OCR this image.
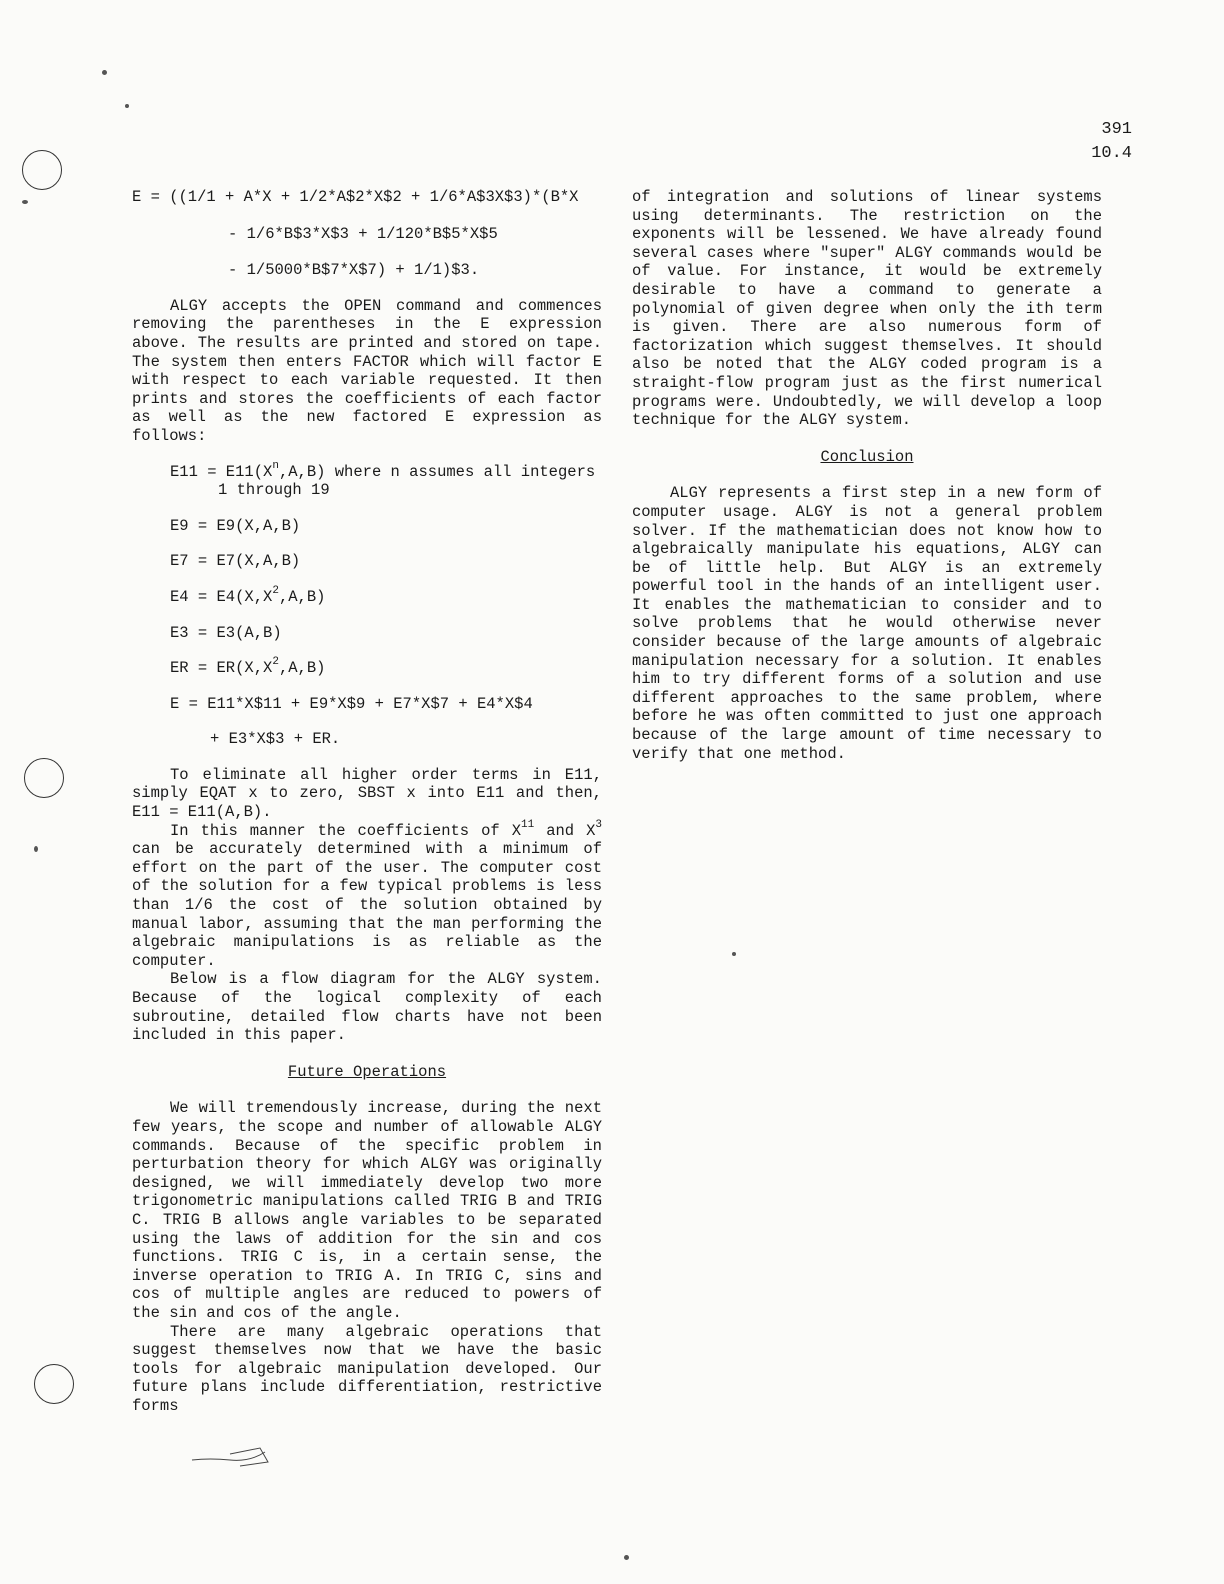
391
10.4
E = ((1/1 + A*X + 1/2*A$2*X$2 + 1/6*A$3X$3)*(B*X
- 1/6*B$3*X$3 + 1/120*B$5*X$5
- 1/5000*B$7*X$7) + 1/1)$3.

ALGY accepts the OPEN command and commences removing the parentheses in the E expression above. The results are printed and stored on tape. The system then enters FACTOR which will factor E with respect to each variable requested. It then prints and stores the coefficients of each factor as well as the new factored E expression as follows:

$E11 = E11(X^n,A,B)$ where n assumes all integers 1 through 19
E9 = E9(X,A,B)
E7 = E7(X,A,B)
$E4 = E4(X,X^2,A,B)$
E3 = E3(A,B)
ER = $ER(X,X^2,A,B)$
E = E11*X$11 + E9*X$9 + E7*X$7 + E4*X$4
+ E3*X$3 + ER.

To eliminate all higher order terms in E11, simply EQAT x to zero, SBST x into E11 and then, E11 = E11(A,B).

In this manner the coefficients of $X^{11}$ and $X^3$ can be accurately determined with a minimum of effort on the part of the user. The computer cost of the solution for a few typical problems is less than 1/6 the cost of the solution obtained by manual labor, assuming that the man performing the algebraic manipulations is as reliable as the computer.

Below is a flow diagram for the ALGY system. Because of the logical complexity of each subroutine, detailed flow charts have not been included in this paper.

Future Operations

We will tremendously increase, during the next few years, the scope and number of allowable ALGY commands. Because of the specific problem in perturbation theory for which ALGY was originally designed, we will immediately develop two more trigonometric manipulations called TRIG B and TRIG C. TRIG B allows angle variables to be separated using the laws of addition for the sin and cos functions. TRIG C is, in a certain sense, the inverse operation to TRIG A. In TRIG C, sins and cos of multiple angles are reduced to powers of the sin and cos of the angle.

There are many algebraic operations that suggest themselves now that we have the basic tools for algebraic manipulation developed. Our future plans include differentiation, restrictive forms

of integration and solutions of linear systems using determinants. The restriction on the exponents will be lessened. We have already found several cases where "super" ALGY commands would be of value. For instance, it would be extremely desirable to have a command to generate a polynomial of given degree when only the ith term is given. There are also numerous form of factorization which suggest themselves. It should also be noted that the ALGY coded program is a straight-flow program just as the first numerical programs were. Undoubtedly, we will develop a loop technique for the ALGY system.

Conclusion

ALGY represents a first step in a new form of computer usage. ALGY is not a general problem solver. If the mathematician does not know how to algebraically manipulate his equations, ALGY can be of little help. But ALGY is an extremely powerful tool in the hands of an intelligent user. It enables the mathematician to consider and to solve problems that he would otherwise never consider because of the large amounts of algebraic manipulation necessary for a solution. It enables him to try different forms of a solution and use different approaches to the same problem, where before he was often committed to just one approach because of the large amount of time necessary to verify that one method.
